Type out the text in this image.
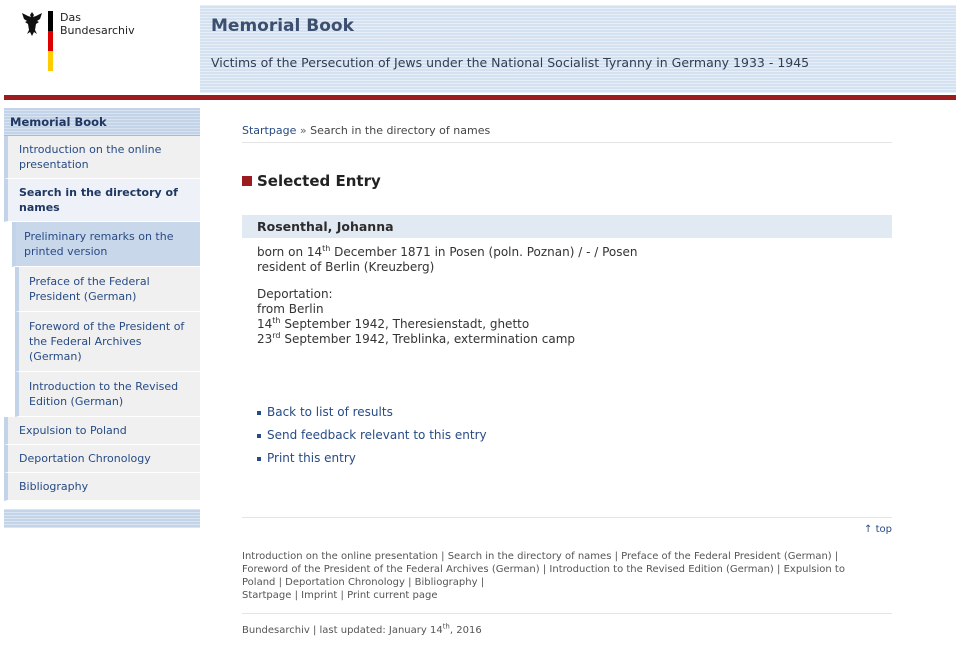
Das
Bundesarchiv	Memorial Book
Victims of the Persecution of Jews under the National Socialist Tyranny in Germany 1933 - 1945
Memorial Book
Introduction on the online presentation
Search in the directory of names
Preliminary remarks on the printed version
Preface of the Federal President (German)
Foreword of the President of the Federal Archives (German)
Introduction to the Revised Edition (German)
Expulsion to Poland
Deportation Chronology
Bibliography
Startpage » Search in the directory of names
Selected Entry
Rosenthal, Johanna

born on 14th December 1871 in Posen (poln. Poznan) / - / Posen

resident of Berlin (Kreuzberg)

Deportation:

from Berlin

14th September 1942, Theresienstadt, ghetto

23rd September 1942, Treblinka, extermination camp

Back to list of results
Send feedback relevant to this entry
Print this entry
↑ top
Introduction on the online presentation | Search in the directory of names | Preface of the Federal President (German) |
Foreword of the President of the Federal Archives (German) | Introduction to the Revised Edition (German) | Expulsion to
Poland | Deportation Chronology | Bibliography |
Startpage | Imprint | Print current page
Bundesarchiv | last updated: January 14th, 2016
